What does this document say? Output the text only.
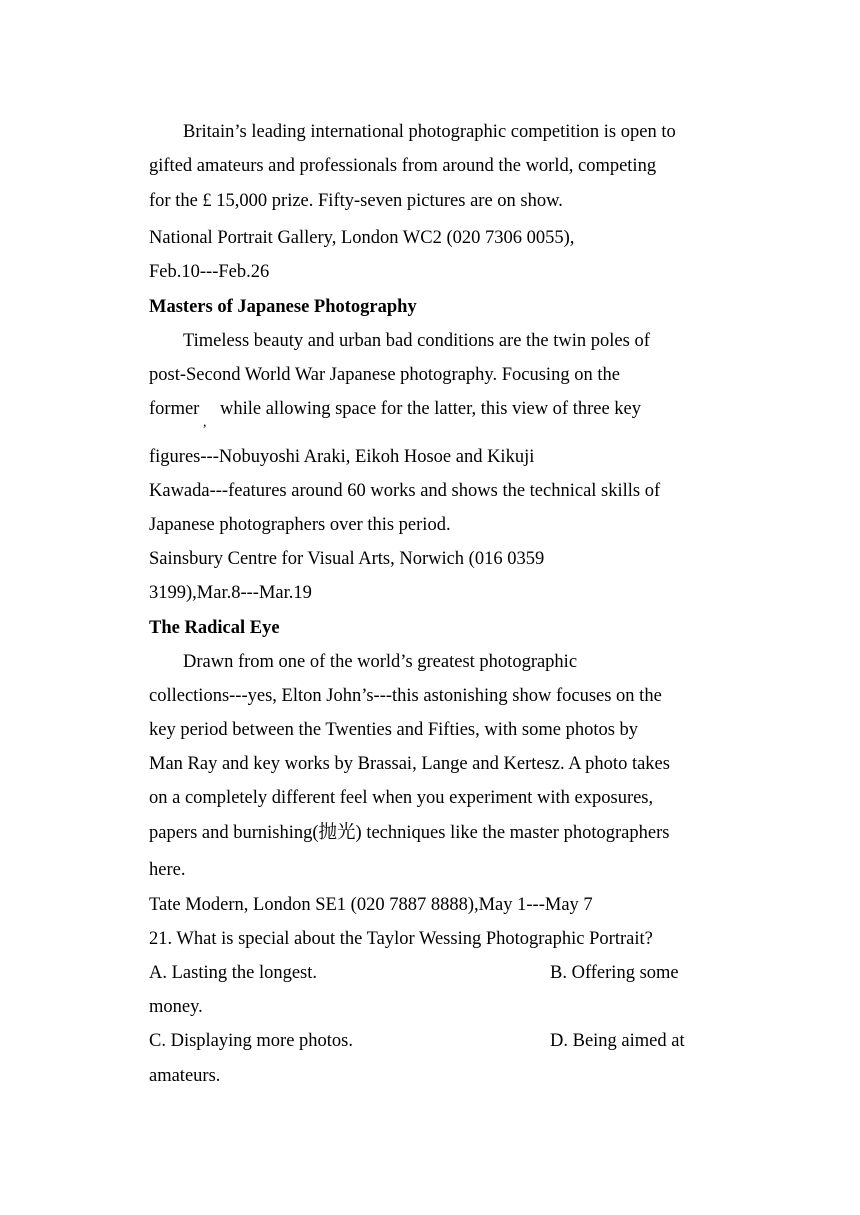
Britain’s leading international photographic competition is open to

gifted amateurs and professionals from around the world, competing

for the £ 15,000 prize. Fifty-seven pictures are on show.

National Portrait Gallery, London WC2 (020 7306 0055),

Feb.10---Feb.26

Masters of Japanese Photography

Timeless beauty and urban bad conditions are the twin poles of

post-Second World War Japanese photography. Focusing on the

former

,

while allowing space for the latter, this view of three key

figures---Nobuyoshi Araki, Eikoh Hosoe and Kikuji

Kawada---features around 60 works and shows the technical skills of

Japanese photographers over this period.

Sainsbury Centre for Visual Arts, Norwich (016 0359

3199),Mar.8---Mar.19

The Radical Eye

Drawn from one of the world’s greatest photographic

collections---yes, Elton John’s---this astonishing show focuses on the

key period between the Twenties and Fifties, with some photos by

Man Ray and key works by Brassai, Lange and Kertesz. A photo takes

on a completely different feel when you experiment with exposures,

papers and burnishing(抛光) techniques like the master photographers

here.

Tate Modern, London SE1 (020 7887 8888),May 1---May 7

21. What is special about the Taylor Wessing Photographic Portrait?

A. Lasting the longest.	B. Offering some

money.

C. Displaying more photos.	D. Being aimed at

amateurs.
